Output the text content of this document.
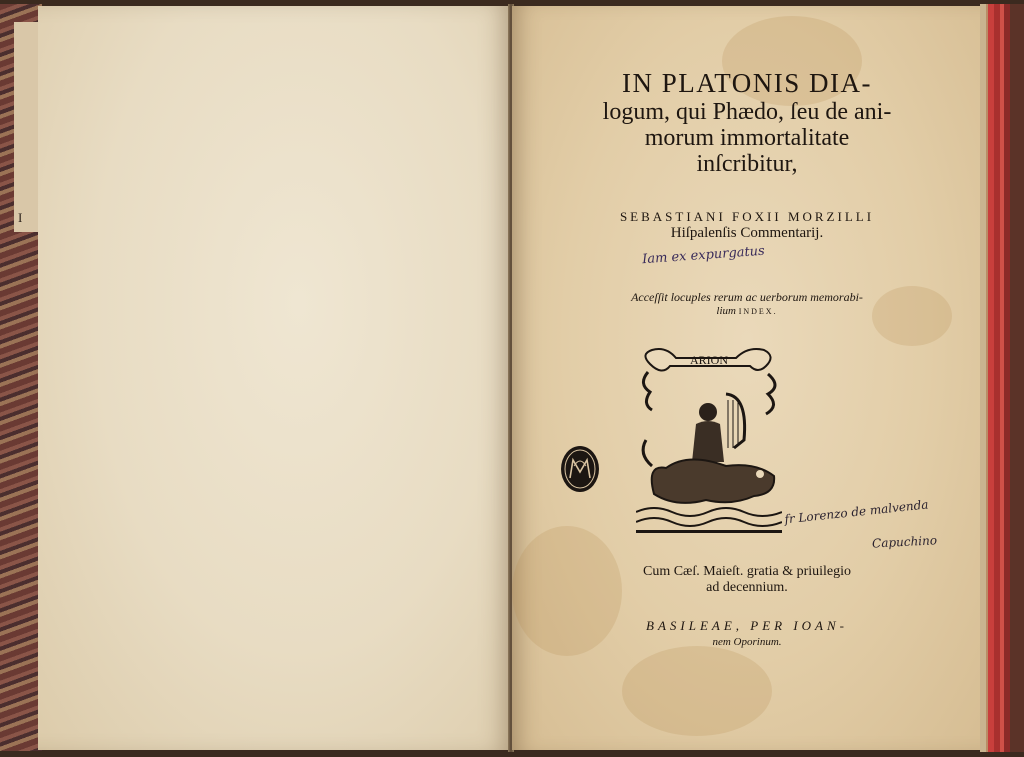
I

IN PLATONIS DIA-

logum, qui Phædo, ſeu de ani-

morum immortalitate

inſcribitur,

SEBASTIANI FOXII MORZILLI
Hiſpalenſis Commentarij.
Iam ex expurgatus
Acceſſit locuples rerum ac uerborum memorabi-
lium INDEX.
ARION
fr Lorenzo de malvenda
Capuchino
Cum Cæſ. Maieſt. gratia & priuilegio
ad decennium.
BASILEAE, PER IOAN-
nem Oporinum.
